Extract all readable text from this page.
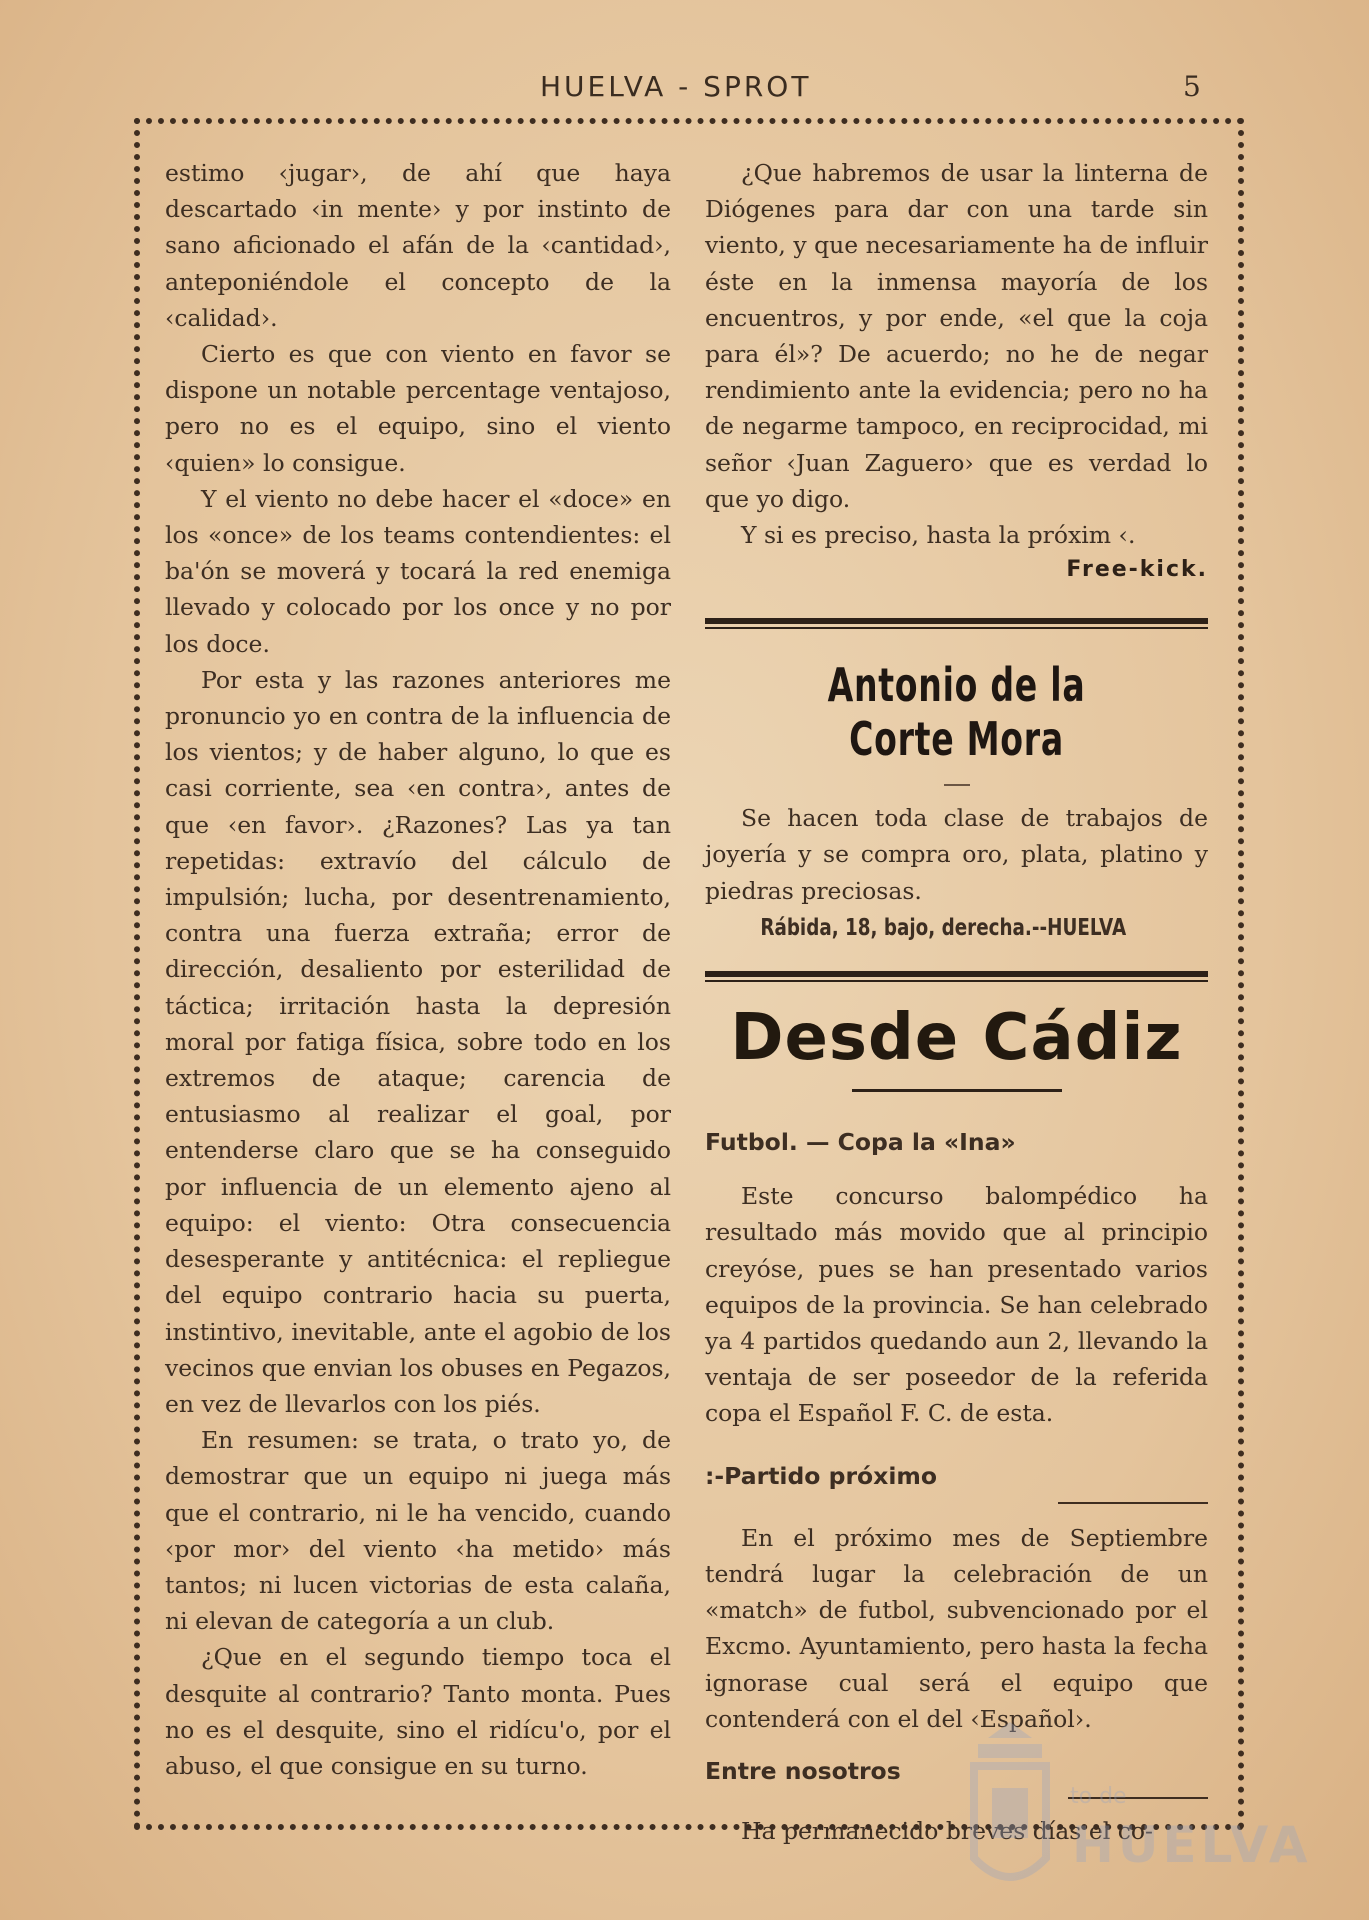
HUELVA - SPROT	5

estimo ‹jugar›, de ahí que haya descartado ‹in mente› y por instinto de sano aficionado el afán de la ‹cantidad›, anteponiéndole el concepto de la ‹calidad›.

Cierto es que con viento en favor se dispone un notable percentage ventajoso, pero no es el equipo, sino el viento ‹quien» lo consigue.

Y el viento no debe hacer el «doce» en los «once» de los teams contendientes: el ba'ón se moverá y tocará la red enemiga llevado y colocado por los once y no por los doce.

Por esta y las razones anteriores me pronuncio yo en contra de la influencia de los vientos; y de haber alguno, lo que es casi corriente, sea ‹en contra›, antes de que ‹en favor›. ¿Razones? Las ya tan repetidas: extravío del cálculo de impulsión; lucha, por desentrenamiento, contra una fuerza extraña; error de dirección, desaliento por esterilidad de táctica; irritación hasta la depresión moral por fatiga física, sobre todo en los extremos de ataque; carencia de entusiasmo al realizar el goal, por entenderse claro que se ha conseguido por influencia de un elemento ajeno al equipo: el viento: Otra consecuencia desesperante y antitécnica: el repliegue del equipo contrario hacia su puerta, instintivo, inevitable, ante el agobio de los vecinos que envian los obuses en Pegazos, en vez de llevarlos con los piés.

En resumen: se trata, o trato yo, de demostrar que un equipo ni juega más que el contrario, ni le ha vencido, cuando ‹por mor› del viento ‹ha metido› más tantos; ni lucen victorias de esta calaña, ni elevan de categoría a un club.

¿Que en el segundo tiempo toca el desquite al contrario? Tanto monta. Pues no es el desquite, sino el ridícu'o, por el abuso, el que consigue en su turno.

¿Que habremos de usar la linterna de Diógenes para dar con una tarde sin viento, y que necesariamente ha de influir éste en la inmensa mayoría de los encuentros, y por ende, «el que la coja para él»? De acuerdo; no he de negar rendimiento ante la evidencia; pero no ha de negarme tampoco, en reciprocidad, mi señor ‹Juan Zaguero› que es verdad lo que yo digo.

Y si es preciso, hasta la próxim ‹.

Free-kick.
Antonio de la Corte Mora

Se hacen toda clase de trabajos de joyería y se compra oro, plata, platino y piedras preciosas.

Rábida, 18, bajo, derecha.--HUELVA

Desde Cádiz

Futbol. — Copa la «Ina»

Este concurso balompédico ha resultado más movido que al principio creyóse, pues se han presentado varios equipos de la provincia. Se han celebrado ya 4 partidos quedando aun 2, llevando la ventaja de ser poseedor de la referida copa el Español F. C. de esta.

:-Partido próximo

En el próximo mes de Septiembre tendrá lugar la celebración de un «match» de futbol, subvencionado por el Excmo. Ayuntamiento, pero hasta la fecha ignorase cual será el equipo que contenderá con el del ‹Español›.

Entre nosotros

Ha permanecido breves días el co-

to de
HUELVA
